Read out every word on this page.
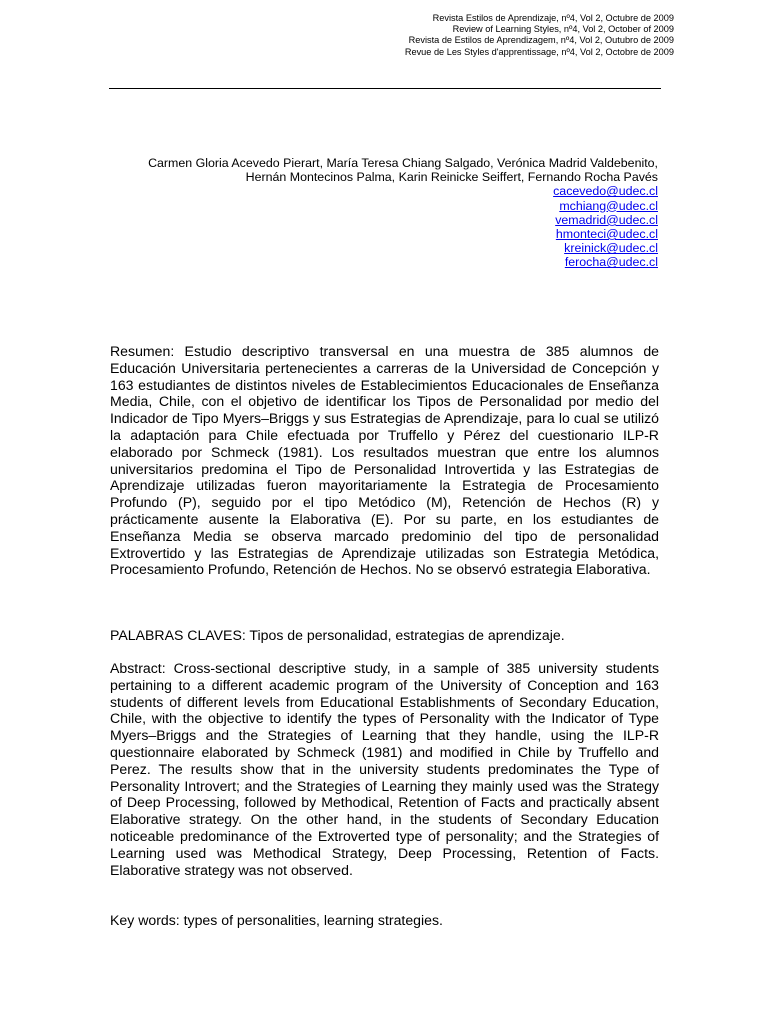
Revista Estilos de Aprendizaje, nº4, Vol 2, Octubre de 2009
Review of Learning Styles, nº4, Vol 2, October of 2009
Revista de Estilos de Aprendizagem, nº4, Vol 2, Outubro de 2009
Revue de Les Styles d'apprentissage, nº4, Vol 2, Octobre de 2009
Carmen Gloria Acevedo Pierart, María Teresa Chiang Salgado, Verónica Madrid Valdebenito,
Hernán Montecinos Palma, Karin Reinicke Seiffert, Fernando Rocha Pavés
cacevedo@udec.cl
mchiang@udec.cl
vemadrid@udec.cl
hmonteci@udec.cl
kreinick@udec.cl
ferocha@udec.cl

Resumen: Estudio descriptivo transversal en una muestra de 385 alumnos de Educación Universitaria pertenecientes a carreras de la Universidad de Concepción y 163 estudiantes de distintos niveles de Establecimientos Educacionales de Enseñanza Media, Chile, con el objetivo de identificar los Tipos de Personalidad por medio del Indicador de Tipo Myers–Briggs y sus Estrategias de Aprendizaje, para lo cual se utilizó la adaptación para Chile efectuada por Truffello y Pérez del cuestionario ILP-R elaborado por Schmeck (1981). Los resultados muestran que entre los alumnos universitarios predomina el Tipo de Personalidad Introvertida y las Estrategias de Aprendizaje utilizadas fueron mayoritariamente la Estrategia de Procesamiento Profundo (P), seguido por el tipo Metódico (M), Retención de Hechos (R) y prácticamente ausente la Elaborativa (E). Por su parte, en los estudiantes de Enseñanza Media se observa marcado predominio del tipo de personalidad Extrovertido y las Estrategias de Aprendizaje utilizadas son Estrategia Metódica, Procesamiento Profundo, Retención de Hechos. No se observó estrategia Elaborativa.

PALABRAS CLAVES: Tipos de personalidad, estrategias de aprendizaje.

Abstract: Cross-sectional descriptive study, in a sample of 385 university students pertaining to a different academic program of the University of Conception and 163 students of different levels from Educational Establishments of Secondary Education, Chile, with the objective to identify the types of Personality with the Indicator of Type Myers–Briggs and the Strategies of Learning that they handle, using the ILP-R questionnaire elaborated by Schmeck (1981) and modified in Chile by Truffello and Perez. The results show that in the university students predominates the Type of Personality Introvert; and the Strategies of Learning they mainly used was the Strategy of Deep Processing, followed by Methodical, Retention of Facts and practically absent Elaborative strategy. On the other hand, in the students of Secondary Education noticeable predominance of the Extroverted type of personality; and the Strategies of Learning used was Methodical Strategy, Deep Processing, Retention of Facts. Elaborative strategy was not observed.

Key words: types of personalities, learning strategies.
